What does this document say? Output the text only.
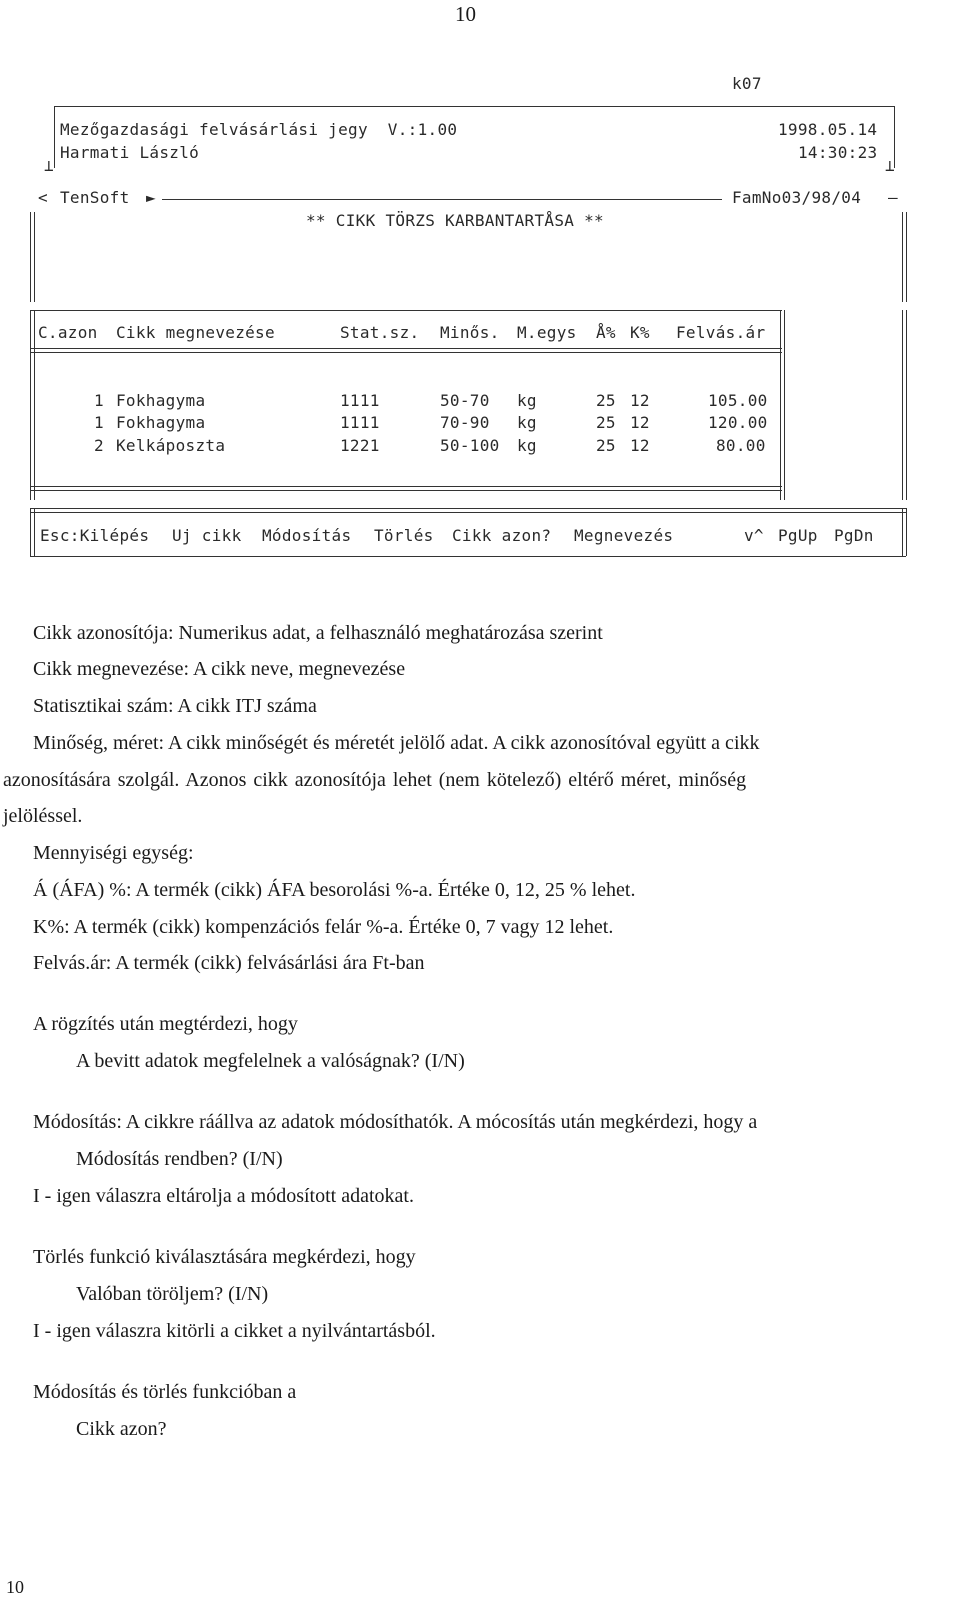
10
k07
⊥	⊥
Mezőgazdasági felvásárlási jegy  V.:1.00	1998.05.14
Harmati László	14:30:23
< TenSoft ►	FamNo03/98/04 —
** CIKK TÖRZS KARBANTARTÅSA **
C.azon Cikk megnevezése	Stat.sz. Minős. M.egys Å% K% Felvás.ár
1 Fokhagyma	1111	50-70 kg	25 12	105.00
1 Fokhagyma	1111	70-90 kg	25 12	120.00
2 Kelkáposzta	1221	50-100 kg	25 12	80.00
Esc:Kilépés Uj cikk Módosítás Törlés Cikk azon? Megnevezés	v^ PgUp PgDn
Cikk azonosítója: Numerikus adat, a felhasználó meghatározása szerint
Cikk megnevezése: A cikk neve, megnevezése
Statisztikai szám: A cikk ITJ száma
Minőség, méret: A cikk minőségét és méretét jelölő adat. A cikk azonosítóval együtt a cikk
azonosítására szolgál. Azonos cikk azonosítója lehet (nem kötelező) eltérő méret, minőség
jelöléssel.
Mennyiségi egység:
Á (ÁFA) %: A termék (cikk) ÁFA besorolási %-a. Értéke 0, 12, 25 % lehet.
K%: A termék (cikk) kompenzációs felár %-a. Értéke 0, 7 vagy 12 lehet.
Felvás.ár: A termék (cikk) felvásárlási ára Ft-ban
A rögzítés után megtérdezi, hogy
A bevitt adatok megfelelnek a valóságnak? (I/N)
Módosítás: A cikkre ráállva az adatok módosíthatók. A mócosítás után megkérdezi, hogy a
Módosítás rendben? (I/N)
I - igen válaszra eltárolja a módosított adatokat.
Törlés funkció kiválasztására megkérdezi, hogy
Valóban töröljem? (I/N)
I - igen válaszra kitörli a cikket a nyilvántartásból.
Módosítás és törlés funkcióban a
Cikk azon?
10
